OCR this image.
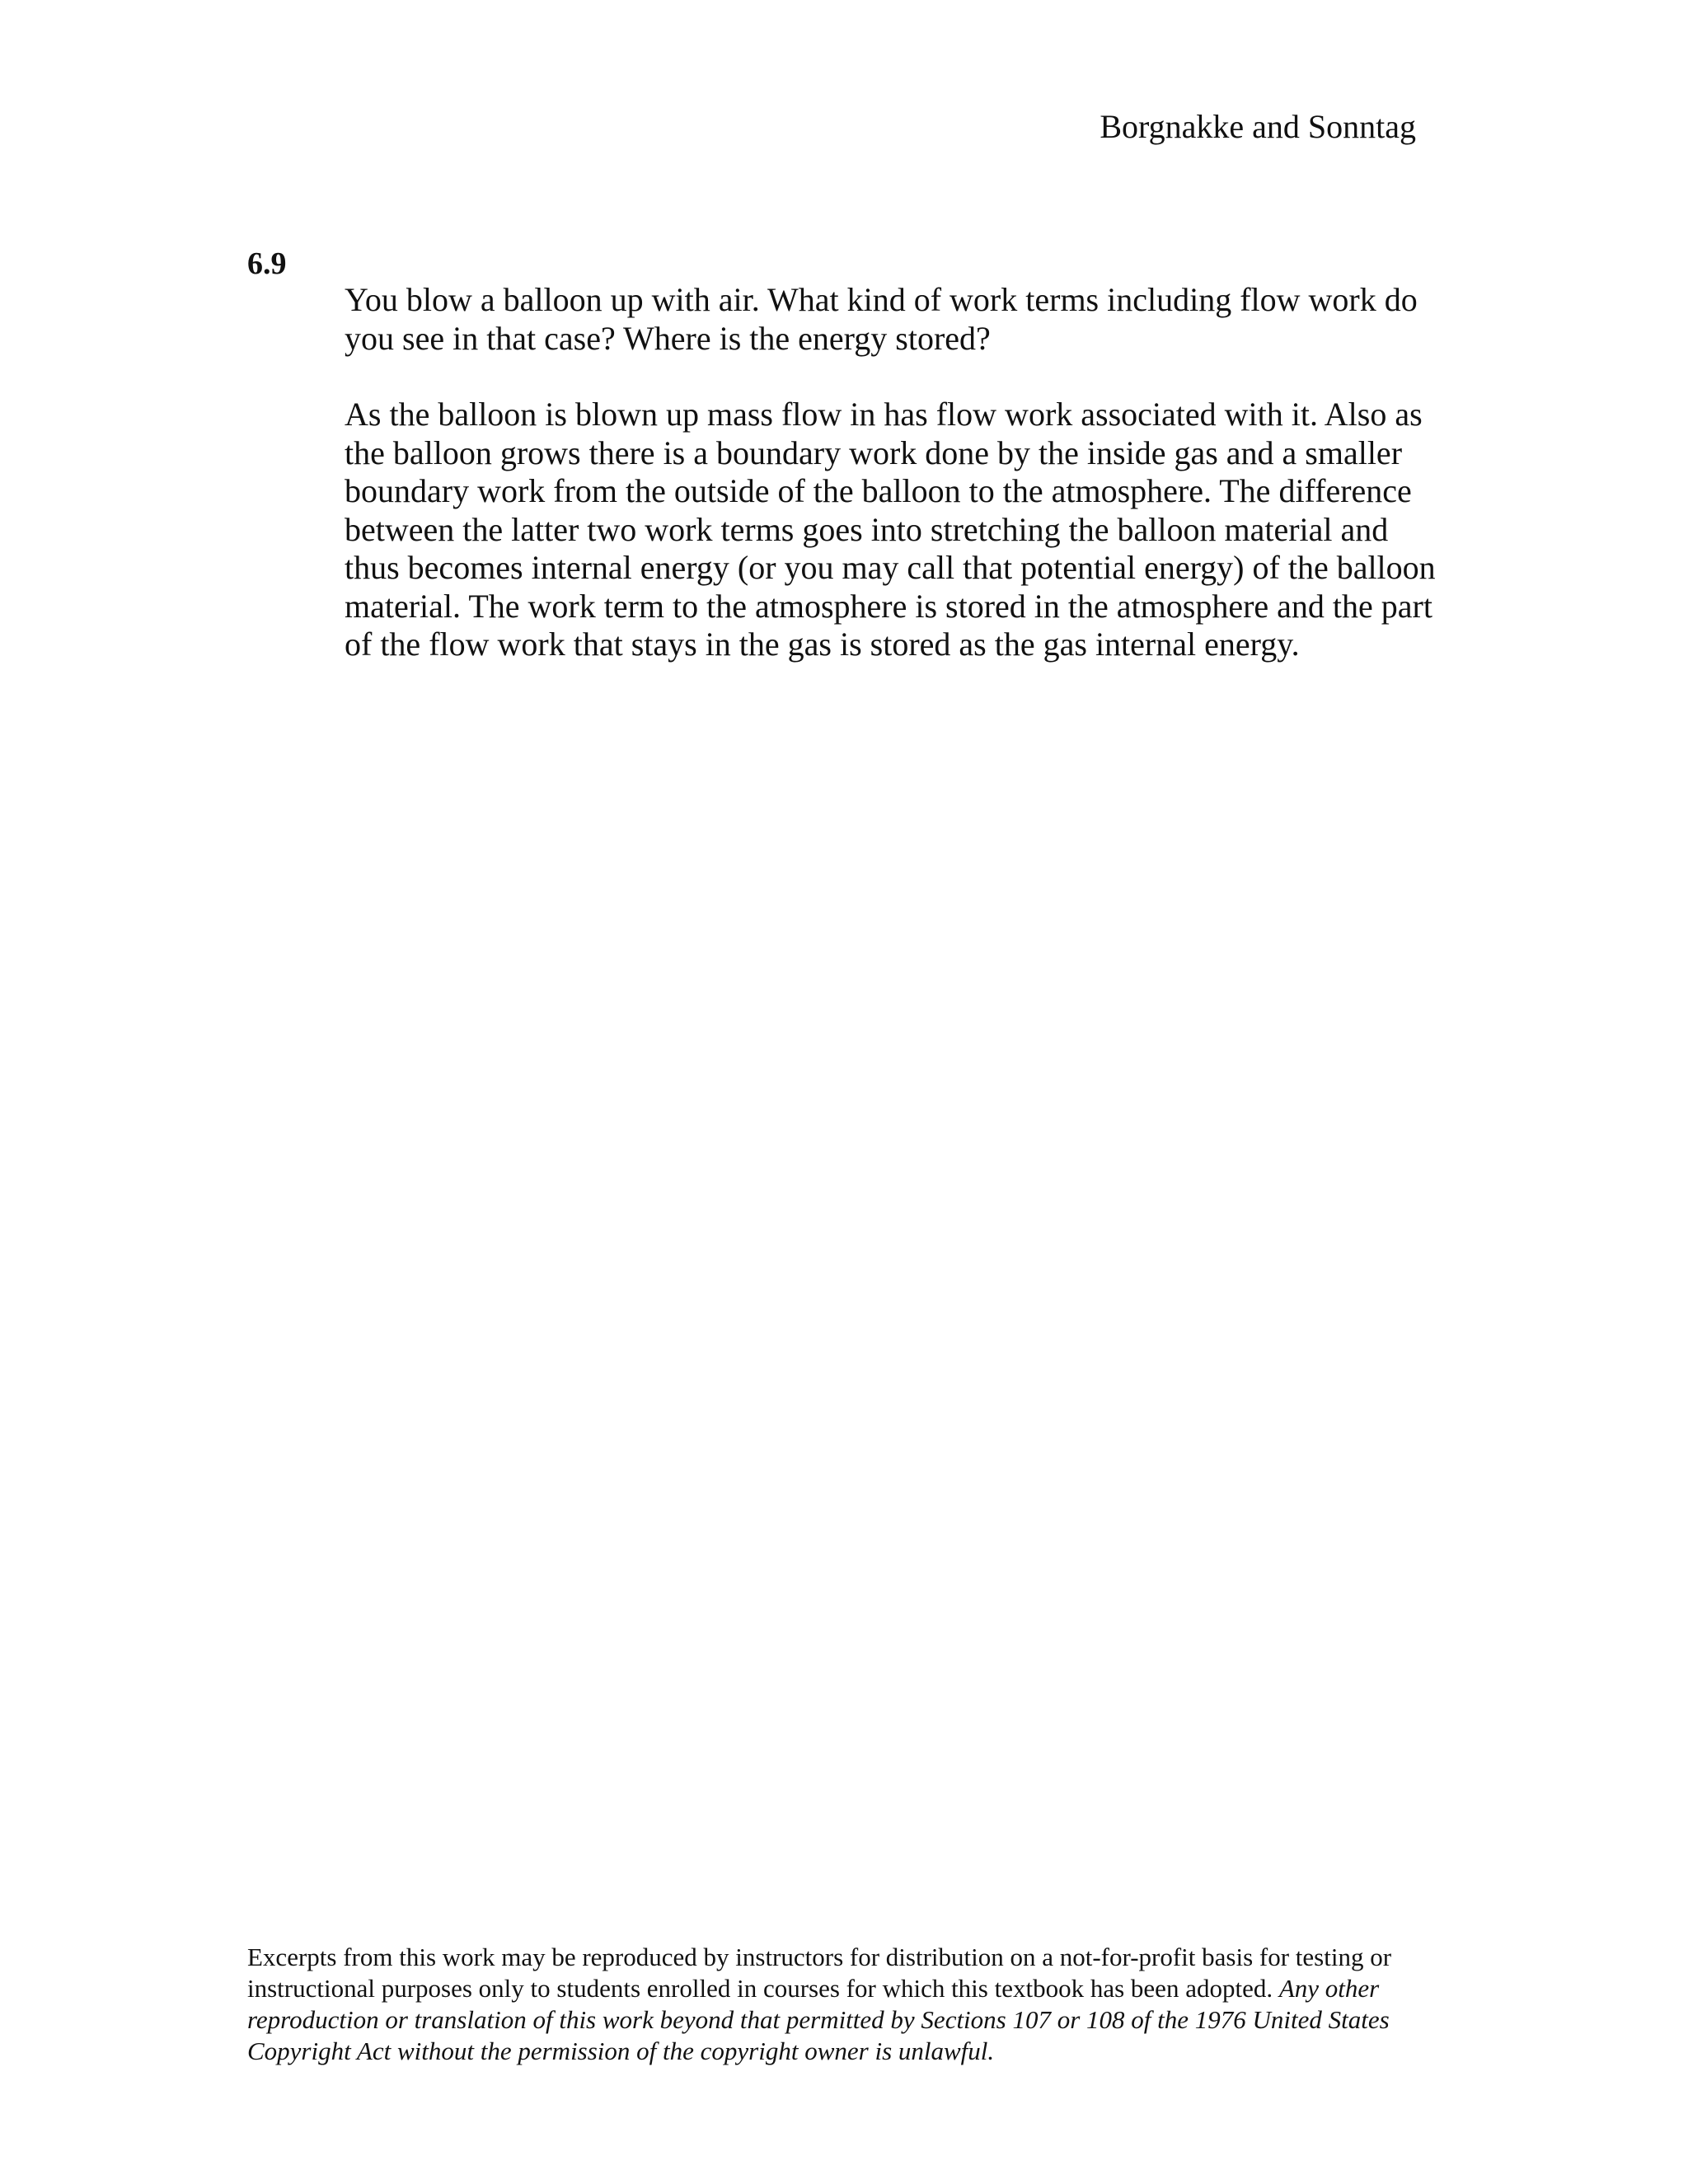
Borgnakke and Sonntag
6.9

You blow a balloon up with air. What kind of work terms including flow work do you see in that case? Where is the energy stored?

As the balloon is blown up mass flow in has flow work associated with it. Also as the balloon grows there is a boundary work done by the inside gas and a smaller boundary work from the outside of the balloon to the atmosphere. The difference between the latter two work terms goes into stretching the balloon material and thus becomes internal energy (or you may call that potential energy) of the balloon material. The work term to the atmosphere is stored in the atmosphere and the part of the flow work that stays in the gas is stored as the gas internal energy.

Excerpts from this work may be reproduced by instructors for distribution on a not-for-profit basis for testing or instructional purposes only to students enrolled in courses for which this textbook has been adopted. Any other reproduction or translation of this work beyond that permitted by Sections 107 or 108 of the 1976 United States Copyright Act without the permission of the copyright owner is unlawful.
